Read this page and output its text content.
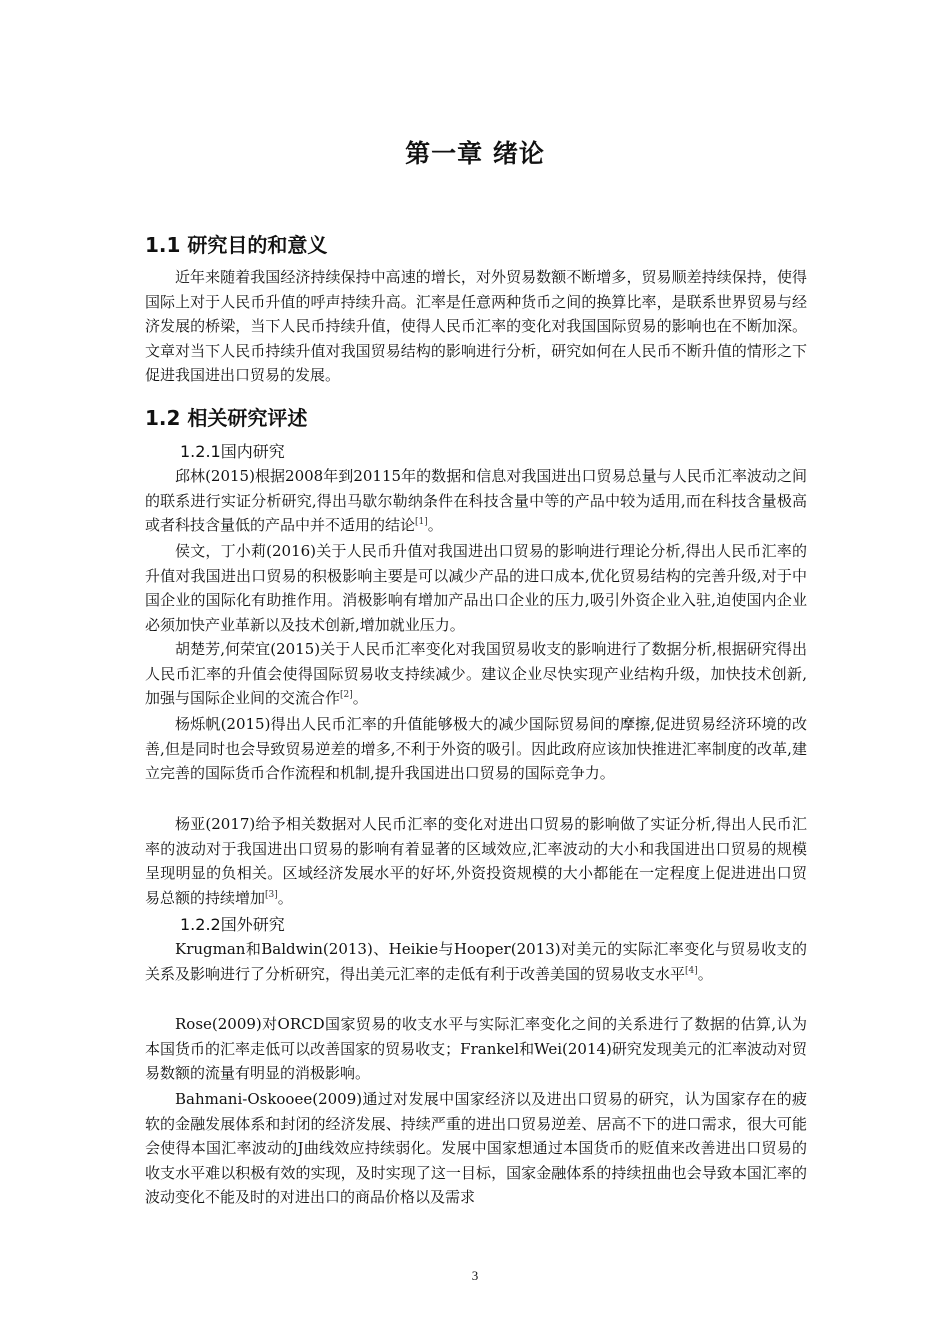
第一章 绪论
1.1 研究目的和意义

近年来随着我国经济持续保持中高速的增长，对外贸易数额不断增多，贸易顺差持续保持，使得国际上对于人民币升值的呼声持续升高。汇率是任意两种货币之间的换算比率，是联系世界贸易与经济发展的桥梁，当下人民币持续升值，使得人民币汇率的变化对我国国际贸易的影响也在不断加深。文章对当下人民币持续升值对我国贸易结构的影响进行分析，研究如何在人民币不断升值的情形之下促进我国进出口贸易的发展。

1.2 相关研究评述
1.2.1国内研究

邱林(2015)根据2008年到20115年的数据和信息对我国进出口贸易总量与人民币汇率波动之间的联系进行实证分析研究,得出马歇尔勒纳条件在科技含量中等的产品中较为适用,而在科技含量极高或者科技含量低的产品中并不适用的结论[1]。

侯文，丁小莉(2016)关于人民币升值对我国进出口贸易的影响进行理论分析,得出人民币汇率的升值对我国进出口贸易的积极影响主要是可以减少产品的进口成本,优化贸易结构的完善升级,对于中国企业的国际化有助推作用。消极影响有增加产品出口企业的压力,吸引外资企业入驻,迫使国内企业必须加快产业革新以及技术创新,增加就业压力。

胡楚芳,何荣宜(2015)关于人民币汇率变化对我国贸易收支的影响进行了数据分析,根据研究得出人民币汇率的升值会使得国际贸易收支持续减少。建议企业尽快实现产业结构升级，加快技术创新,加强与国际企业间的交流合作[2]。

杨烁帆(2015)得出人民币汇率的升值能够极大的减少国际贸易间的摩擦,促进贸易经济环境的改善,但是同时也会导致贸易逆差的增多,不利于外资的吸引。因此政府应该加快推进汇率制度的改革,建立完善的国际货币合作流程和机制,提升我国进出口贸易的国际竞争力。

杨亚(2017)给予相关数据对人民币汇率的变化对进出口贸易的影响做了实证分析,得出人民币汇率的波动对于我国进出口贸易的影响有着显著的区域效应,汇率波动的大小和我国进出口贸易的规模呈现明显的负相关。区域经济发展水平的好坏,外资投资规模的大小都能在一定程度上促进进出口贸易总额的持续增加[3]。

1.2.2国外研究

Krugman和Baldwin(2013)、Heikie与Hooper(2013)对美元的实际汇率变化与贸易收支的关系及影响进行了分析研究，得出美元汇率的走低有利于改善美国的贸易收支水平[4]。

Rose(2009)对ORCD国家贸易的收支水平与实际汇率变化之间的关系进行了数据的估算,认为本国货币的汇率走低可以改善国家的贸易收支；Frankel和Wei(2014)研究发现美元的汇率波动对贸易数额的流量有明显的消极影响。

Bahmani-Oskooee(2009)通过对发展中国家经济以及进出口贸易的研究，认为国家存在的疲软的金融发展体系和封闭的经济发展、持续严重的进出口贸易逆差、居高不下的进口需求，很大可能会使得本国汇率波动的J曲线效应持续弱化。发展中国家想通过本国货币的贬值来改善进出口贸易的收支水平难以积极有效的实现，及时实现了这一目标，国家金融体系的持续扭曲也会导致本国汇率的波动变化不能及时的对进出口的商品价格以及需求

3
